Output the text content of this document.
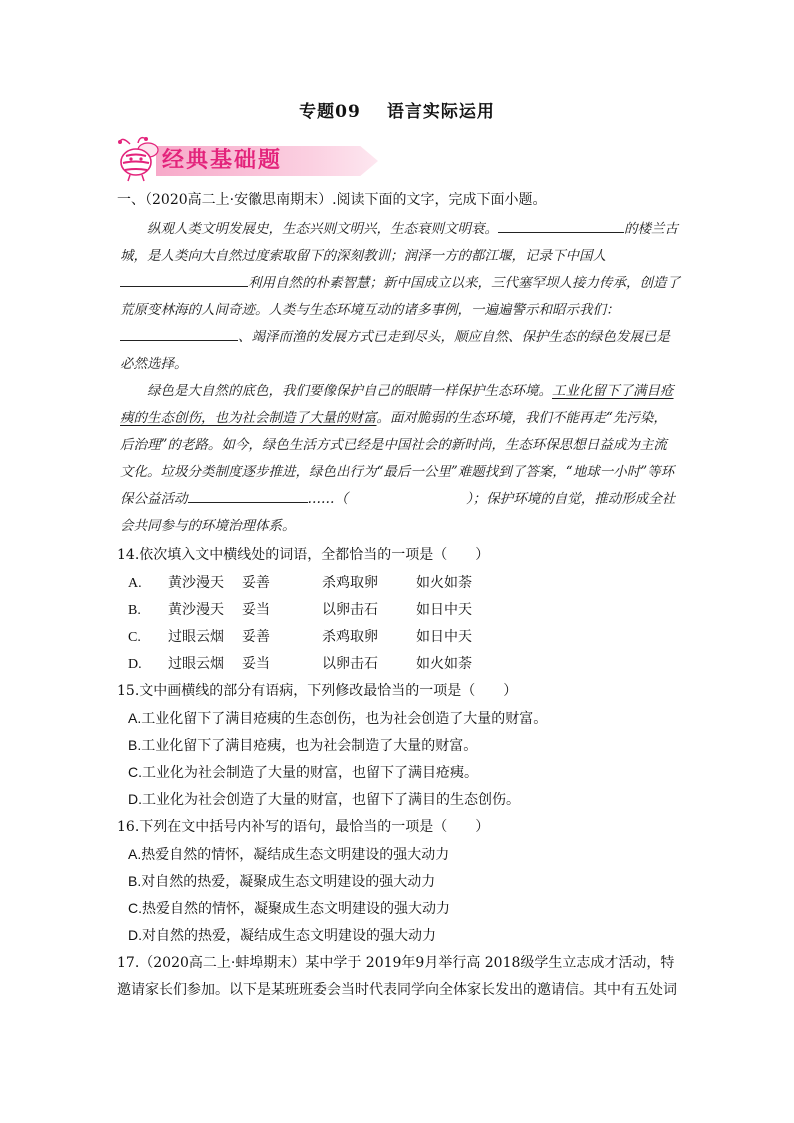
专题09 语言实际运用
经典基础题
一、（2020高二上·安徽思南期末）.阅读下面的文字，完成下面小题。

纵观人类文明发展史，生态兴则文明兴，生态衰则文明衰。	的楼兰古城，是人类向大自然过度索取留下的深刻教训；润泽一方的都江堰，记录下中国人利用自然的朴素智慧；新中国成立以来，三代塞罕坝人接力传承，创造了荒原变林海的人间奇迹。人类与生态环境互动的诸多事例，一遍遍警示和昭示我们：、竭泽而渔的发展方式已走到尽头，顺应自然、保护生态的绿色发展已是必然选择。

绿色是大自然的底色，我们要像保护自己的眼睛一样保护生态环境。工业化留下了满目疮痍的生态创伤，也为社会制造了大量的财富。面对脆弱的生态环境，我们不能再走“先污染，后治理”的老路。如今，绿色生活方式已经是中国社会的新时尚，生态环保思想日益成为主流文化。垃圾分类制度逐步推进，绿色出行为“最后一公里”难题找到了答案，“地球一小时”等环保公益活动	……（	）；保护环境的自觉，推动形成全社会共同参与的环境治理体系。

14.依次填入文中横线处的词语，全都恰当的一项是（　　）
A. 黄沙漫天 妥善	杀鸡取卵	如火如荼
B. 黄沙漫天 妥当	以卵击石	如日中天
C. 过眼云烟 妥善	杀鸡取卵	如日中天
D. 过眼云烟 妥当	以卵击石	如火如荼
15.文中画横线的部分有语病，下列修改最恰当的一项是（　　）
A.工业化留下了满目疮痍的生态创伤，也为社会创造了大量的财富。
B.工业化留下了满目疮痍，也为社会制造了大量的财富。
C.工业化为社会制造了大量的财富，也留下了满目疮痍。
D.工业化为社会创造了大量的财富，也留下了满目的生态创伤。
16.下列在文中括号内补写的语句，最恰当的一项是（　　）
A.热爱自然的情怀，凝结成生态文明建设的强大动力
B.对自然的热爱，凝聚成生态文明建设的强大动力
C.热爱自然的情怀，凝聚成生态文明建设的强大动力
D.对自然的热爱，凝结成生态文明建设的强大动力
17.（2020高二上·蚌埠期末）某中学于 2019年9月举行高 2018级学生立志成才活动，特
邀请家长们参加。以下是某班班委会当时代表同学向全体家长发出的邀请信。其中有五处词
